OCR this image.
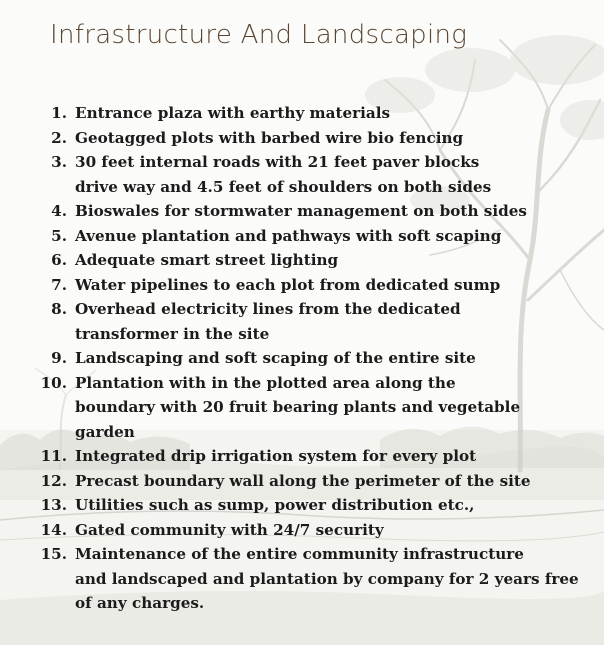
Infrastructure And Landscaping
1. Entrance plaza with earthy materials
2. Geotagged plots with barbed wire bio fencing
3. 30 feet internal roads with 21 feet paver blocks
drive way and 4.5 feet of shoulders on both sides
4. Bioswales for stormwater management on both sides
5. Avenue plantation and pathways with soft scaping
6. Adequate smart street lighting
7. Water pipelines to each plot from dedicated sump
8. Overhead electricity lines from the dedicated
transformer in the site
9. Landscaping and soft scaping of the entire site
10. Plantation with in the plotted area along the
boundary with 20 fruit bearing plants and vegetable
garden
11. Integrated drip irrigation system for every plot
12. Precast boundary wall along the perimeter of the site
13. Utilities such as sump, power distribution etc.,
14. Gated community with 24/7 security
15. Maintenance of the entire community infrastructure
and landscaped and plantation by company for 2 years free
of any charges.
